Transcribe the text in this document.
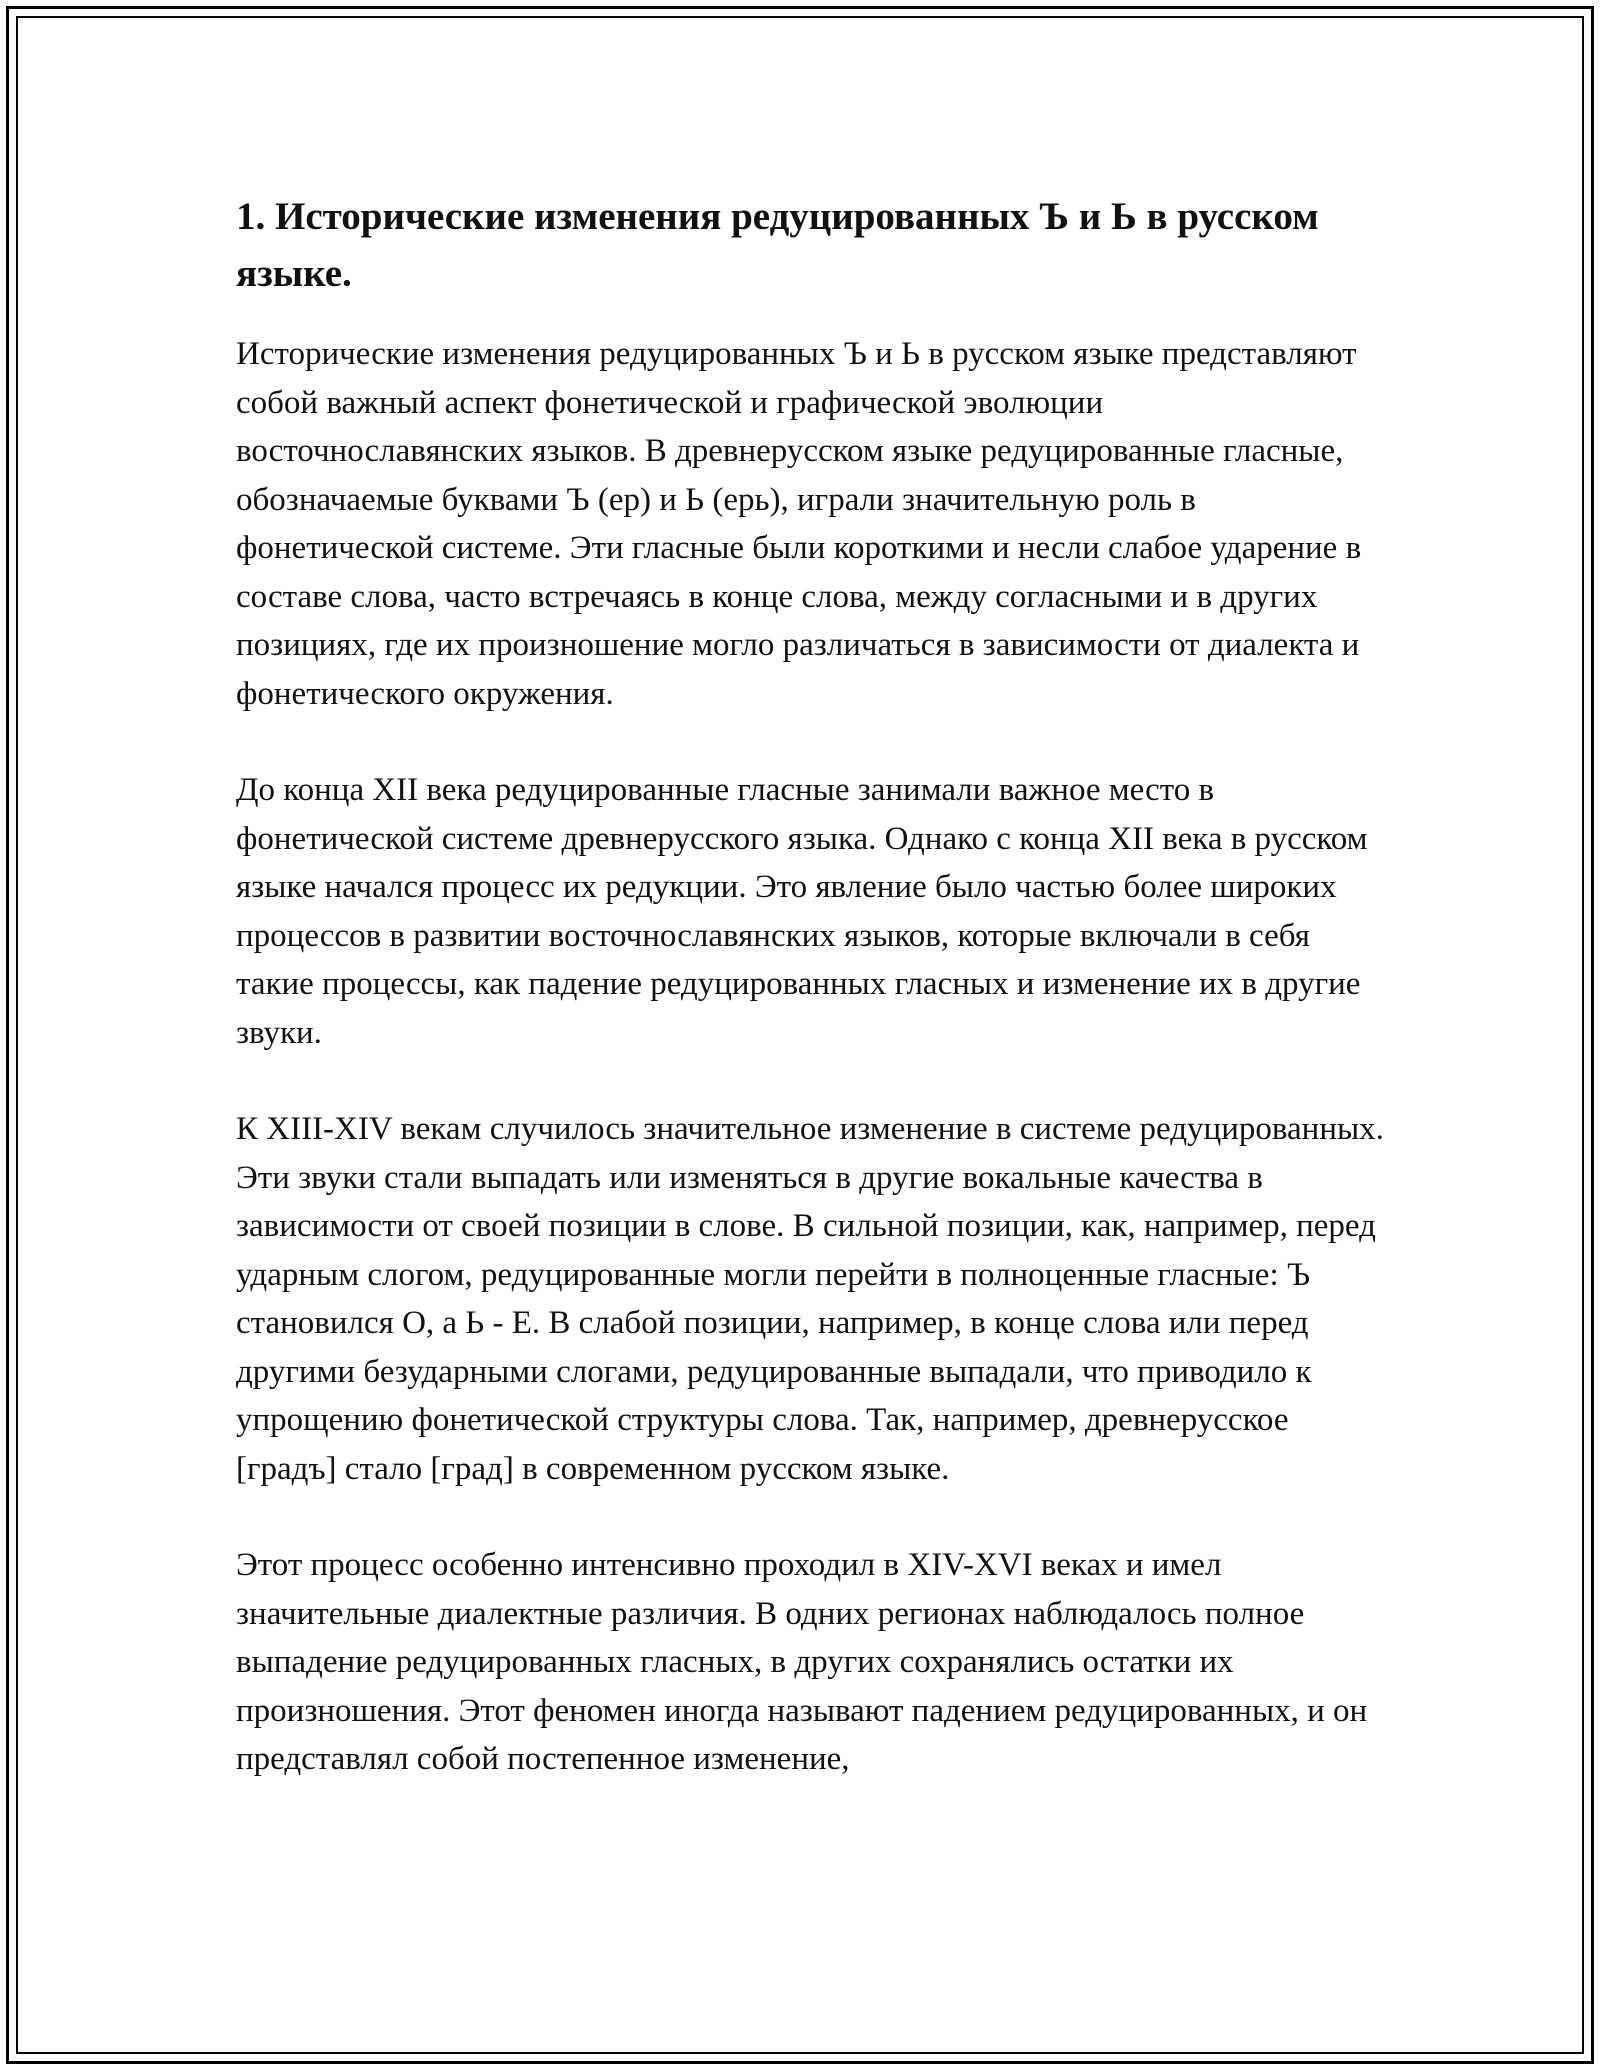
1. Исторические изменения редуцированных Ъ и Ь в русском языке.

Исторические изменения редуцированных Ъ и Ь в русском языке представляют собой важный аспект фонетической и графической эволюции восточнославянских языков. В древнерусском языке редуцированные гласные, обозначаемые буквами Ъ (ер) и Ь (ерь), играли значительную роль в фонетической системе. Эти гласные были короткими и несли слабое ударение в составе слова, часто встречаясь в конце слова, между согласными и в других позициях, где их произношение могло различаться в зависимости от диалекта и фонетического окружения.

До конца XII века редуцированные гласные занимали важное место в фонетической системе древнерусского языка. Однако с конца XII века в русском языке начался процесс их редукции. Это явление было частью более широких процессов в развитии восточнославянских языков, которые включали в себя такие процессы, как падение редуцированных гласных и изменение их в другие звуки.

К XIII-XIV векам случилось значительное изменение в системе редуцированных. Эти звуки стали выпадать или изменяться в другие вокальные качества в зависимости от своей позиции в слове. В сильной позиции, как, например, перед ударным слогом, редуцированные могли перейти в полноценные гласные: Ъ становился О, а Ь - Е. В слабой позиции, например, в конце слова или перед другими безударными слогами, редуцированные выпадали, что приводило к упрощению фонетической структуры слова. Так, например, древнерусское [градъ] стало [град] в современном русском языке.

Этот процесс особенно интенсивно проходил в XIV-XVI веках и имел значительные диалектные различия. В одних регионах наблюдалось полное выпадение редуцированных гласных, в других сохранялись остатки их произношения. Этот феномен иногда называют падением редуцированных, и он представлял собой постепенное изменение,
